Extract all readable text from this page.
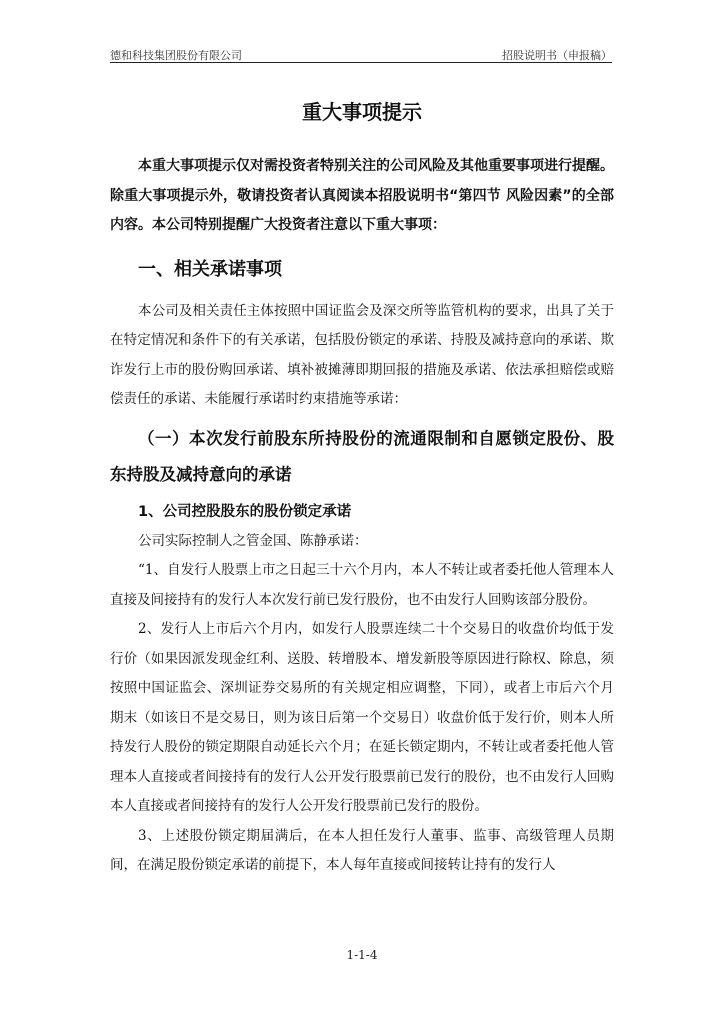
德和科技集团股份有限公司	招股说明书（申报稿）
重大事项提示

本重大事项提示仅对需投资者特别关注的公司风险及其他重要事项进行提醒。除重大事项提示外，敬请投资者认真阅读本招股说明书“第四节 风险因素”的全部内容。本公司特别提醒广大投资者注意以下重大事项：

一、相关承诺事项

本公司及相关责任主体按照中国证监会及深交所等监管机构的要求，出具了关于在特定情况和条件下的有关承诺，包括股份锁定的承诺、持股及减持意向的承诺、欺诈发行上市的股份购回承诺、填补被摊薄即期回报的措施及承诺、依法承担赔偿或赔偿责任的承诺、未能履行承诺时约束措施等承诺：

（一）本次发行前股东所持股份的流通限制和自愿锁定股份、股东持股及减持意向的承诺
1、公司控股股东的股份锁定承诺

公司实际控制人之管金国、陈静承诺：

“1、自发行人股票上市之日起三十六个月内，本人不转让或者委托他人管理本人直接及间接持有的发行人本次发行前已发行股份，也不由发行人回购该部分股份。

2、发行人上市后六个月内，如发行人股票连续二十个交易日的收盘价均低于发行价（如果因派发现金红利、送股、转增股本、增发新股等原因进行除权、除息，须按照中国证监会、深圳证券交易所的有关规定相应调整，下同），或者上市后六个月期末（如该日不是交易日，则为该日后第一个交易日）收盘价低于发行价，则本人所持发行人股份的锁定期限自动延长六个月；在延长锁定期内，不转让或者委托他人管理本人直接或者间接持有的发行人公开发行股票前已发行的股份，也不由发行人回购本人直接或者间接持有的发行人公开发行股票前已发行的股份。

3、上述股份锁定期届满后，在本人担任发行人董事、监事、高级管理人员期间，在满足股份锁定承诺的前提下，本人每年直接或间接转让持有的发行人

1-1-4
